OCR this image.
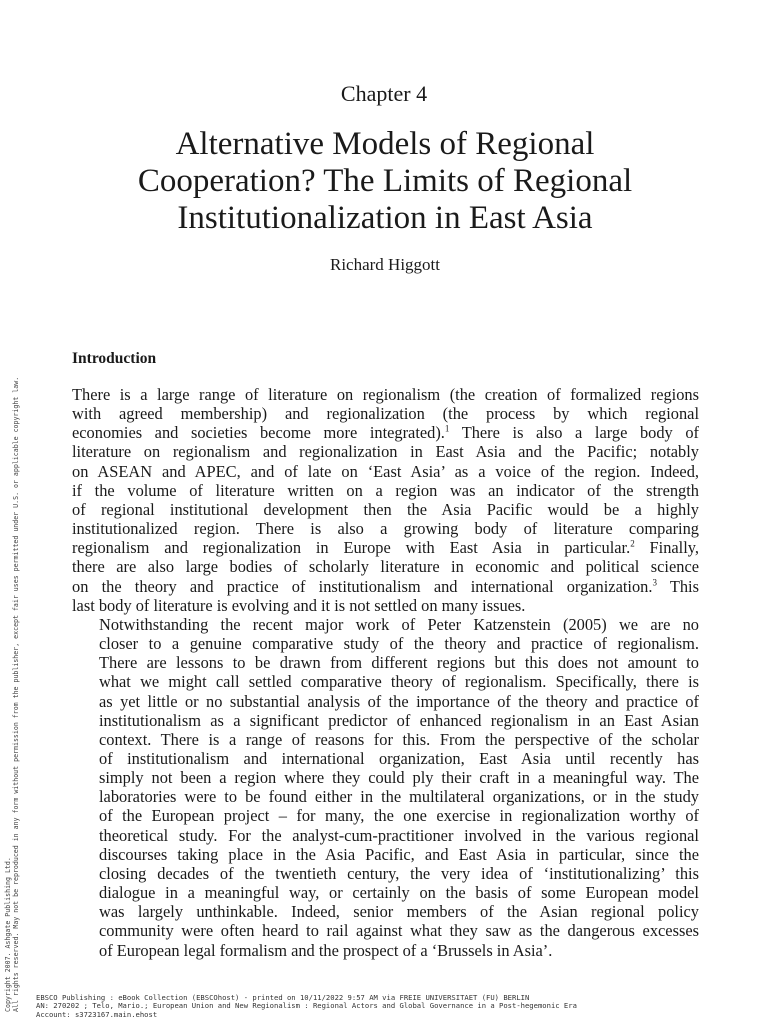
Chapter 4
Alternative Models of Regional
Cooperation? The Limits of Regional
Institutionalization in East Asia
Richard Higgott
Introduction

There is a large range of literature on regionalism (the creation of formalized regions
with agreed membership) and regionalization (the process by which regional
economies and societies become more integrated).$^1$ There is also a large body of
literature on regionalism and regionalization in East Asia and the Pacific; notably
on ASEAN and APEC, and of late on ‘East Asia’ as a voice of the region. Indeed,
if the volume of literature written on a region was an indicator of the strength
of regional institutional development then the Asia Pacific would be a highly
institutionalized region. There is also a growing body of literature comparing
regionalism and regionalization in Europe with East Asia in particular.$^2$ Finally,
there are also large bodies of scholarly literature in economic and political science
on the theory and practice of institutionalism and international organization.$^3$ This
last body of literature is evolving and it is not settled on many issues.

Notwithstanding the recent major work of Peter Katzenstein (2005) we are no
closer to a genuine comparative study of the theory and practice of regionalism.
There are lessons to be drawn from different regions but this does not amount to
what we might call settled comparative theory of regionalism. Specifically, there is
as yet little or no substantial analysis of the importance of the theory and practice of
institutionalism as a significant predictor of enhanced regionalism in an East Asian
context. There is a range of reasons for this. From the perspective of the scholar
of institutionalism and international organization, East Asia until recently has
simply not been a region where they could ply their craft in a meaningful way. The
laboratories were to be found either in the multilateral organizations, or in the study
of the European project – for many, the one exercise in regionalization worthy of
theoretical study. For the analyst-cum-practitioner involved in the various regional
discourses taking place in the Asia Pacific, and East Asia in particular, since the
closing decades of the twentieth century, the very idea of ‘institutionalizing’ this
dialogue in a meaningful way, or certainly on the basis of some European model
was largely unthinkable. Indeed, senior members of the Asian regional policy
community were often heard to rail against what they saw as the dangerous excesses
of European legal formalism and the prospect of a ‘Brussels in Asia’.

EBSCO Publishing : eBook Collection (EBSCOhost) - printed on 10/11/2022 9:57 AM via FREIE UNIVERSITAET (FU) BERLIN
AN: 270202 ; Telo, Mario.; European Union and New Regionalism : Regional Actors and Global Governance in a Post-hegemonic Era
Account: s3723167.main.ehost
Copyright 2007. Ashgate Publishing Ltd. All rights reserved. May not be reproduced in any form without permission from the publisher, except fair uses permitted under U.S. or applicable copyright law.
